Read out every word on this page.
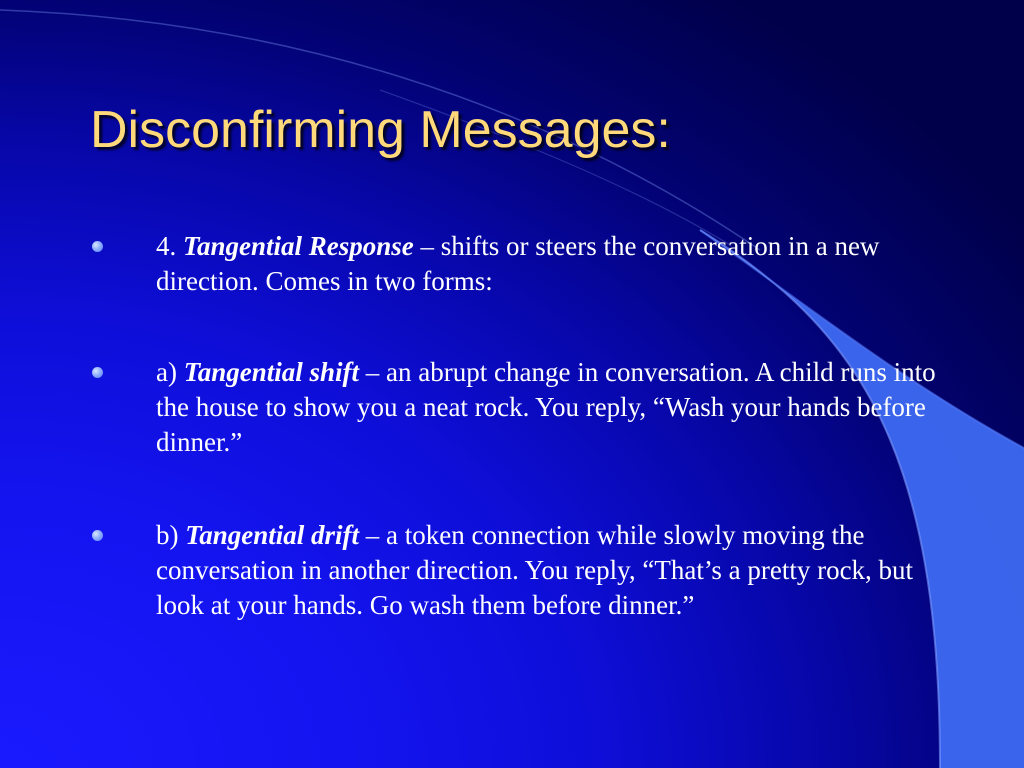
Disconfirming Messages:
4. Tangential Response – shifts or steers the conversation in a new direction. Comes in two forms:
a) Tangential shift – an abrupt change in conversation. A child runs into the house to show you a neat rock. You reply, “Wash your hands before dinner.”
b) Tangential drift – a token connection while slowly moving the conversation in another direction. You reply, “That’s a pretty rock, but look at your hands. Go wash them before dinner.”
